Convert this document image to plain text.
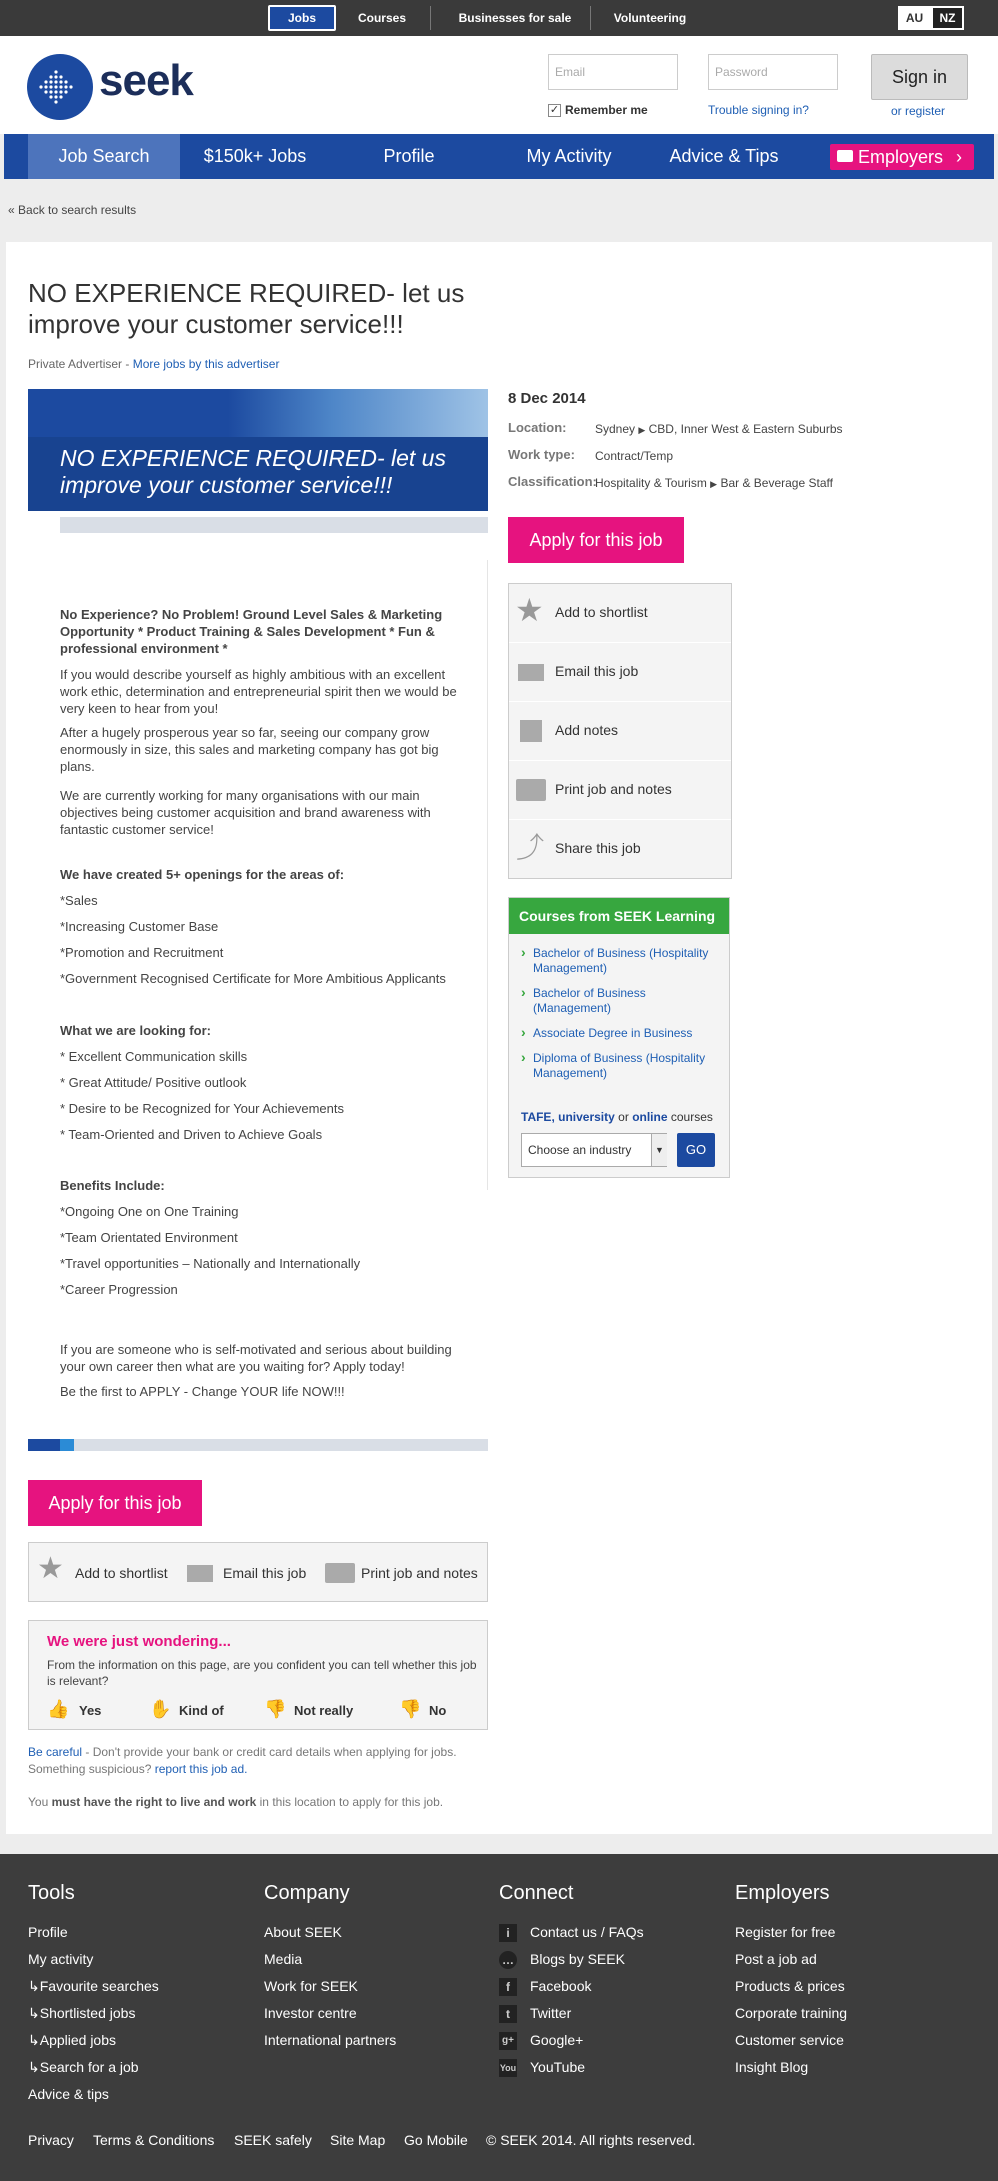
Jobs	Courses	Businesses for sale	Volunteering	AU	NZ
seek	Email	Password
✓ Remember me	Trouble signing in?
Sign in
or register
Job Search	$150k+ Jobs	Profile	My Activity	Advice & Tips	Employers ›
« Back to search results
NO EXPERIENCE REQUIRED- let us
improve your customer service!!!
Private Advertiser - More jobs by this advertiser
NO EXPERIENCE REQUIRED- let us
improve your customer service!!!
No Experience? No Problem! Ground Level Sales & Marketing Opportunity * Product Training & Sales Development * Fun & professional environment *
If you would describe yourself as highly ambitious with an excellent work ethic, determination and entrepreneurial spirit then we would be very keen to hear from you!
After a hugely prosperous year so far, seeing our company grow enormously in size, this sales and marketing company has got big plans.
We are currently working for many organisations with our main objectives being customer acquisition and brand awareness with fantastic customer service!
We have created 5+ openings for the areas of:
*Sales
*Increasing Customer Base
*Promotion and Recruitment
*Government Recognised Certificate for More Ambitious Applicants
What we are looking for:
* Excellent Communication skills
* Great Attitude/ Positive outlook
* Desire to be Recognized for Your Achievements
* Team-Oriented and Driven to Achieve Goals
Benefits Include:
*Ongoing One on One Training
*Team Orientated Environment
*Travel opportunities – Nationally and Internationally
*Career Progression
If you are someone who is self-motivated and serious about building your own career then what are you waiting for? Apply today!
Be the first to APPLY - Change YOUR life NOW!!!
Apply for this job
★ Add to shortlist	Email this job	Print job and notes
We were just wondering...
From the information on this page, are you confident you can tell whether this job is relevant?
👍 Yes	✋ Kind of 👎 Not really	👎 No
Be careful - Don't provide your bank or credit card details when applying for jobs.
Something suspicious? report this job ad.
You must have the right to live and work in this location to apply for this job.
8 Dec 2014
Location: Sydney ▶ CBD, Inner West & Eastern Suburbs
Work type: Contract/Temp
Classification:
Hospitality & Tourism ▶ Bar & Beverage Staff
Apply for this job
★ Add to shortlist
Email this job
Add notes
Print job and notes
⤴ Share this job
Courses from SEEK Learning
› Bachelor of Business (Hospitality Management)
› Bachelor of Business (Management)
› Associate Degree in Business
› Diploma of Business (Hospitality Management)
TAFE, university or online courses
Choose an industry	▼	GO
Tools
Profile
My activity
↳Favourite searches
↳Shortlisted jobs
↳Applied jobs
↳Search for a job
Advice & tips
Company
About SEEK
Media
Work for SEEK
Investor centre
International partners
Connect
i	Contact us / FAQs
… Blogs by SEEK
f	Facebook
t	Twitter
g+ Google+
You YouTube
Employers
Register for free
Post a job ad
Products & prices
Corporate training
Customer service
Insight Blog
Privacy Terms & Conditions SEEK safely Site Map Go Mobile © SEEK 2014. All rights reserved.
